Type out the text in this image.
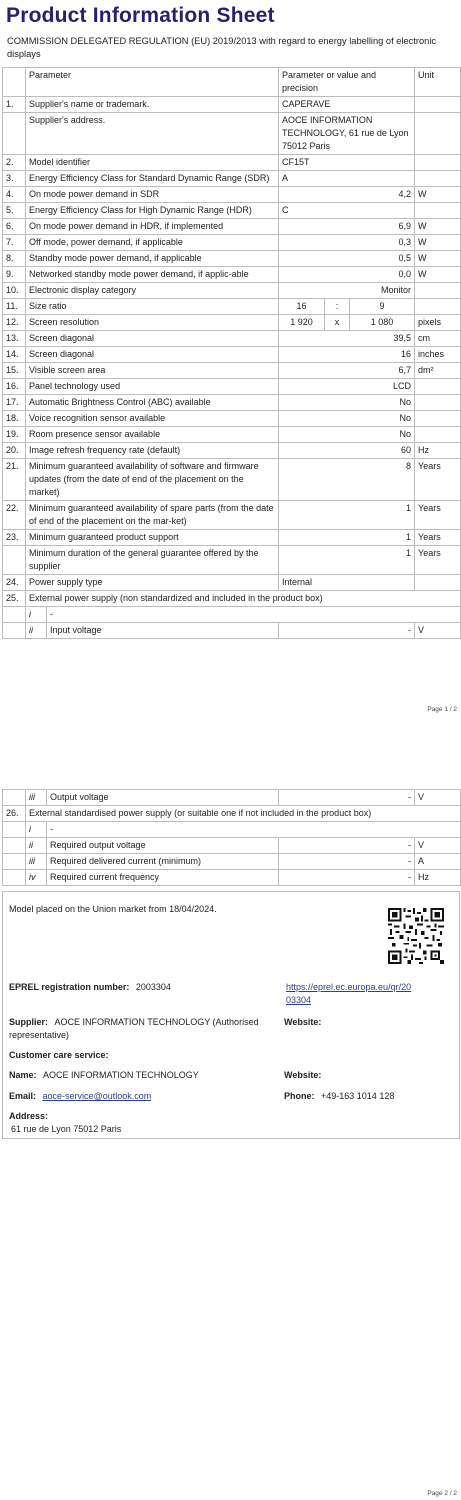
Product Information Sheet
COMMISSION DELEGATED REGULATION (EU) 2019/2013 with regard to energy labelling of electronic displays
	Parameter		Parameter or value and precision			Unit
1.	Supplier's name or trademark.		CAPERAVE			
	Supplier's address.		AOCE INFORMATION TECHNOLOGY, 61 rue de Lyon 75012 Paris			
2.	Model identifier		CF15T			
3.	Energy Efficiency Class for Standard Dynamic Range (SDR)		A			
4.	On mode power demand in SDR		4,2			W
5.	Energy Efficiency Class for High Dynamic Range (HDR)		C			
6.	On mode power demand in HDR, if implemented		6,9			W
7.	Off mode, power demand, if applicable		0,3			W
8.	Standby mode power demand, if applicable		0,5			W
9.	Networked standby mode power demand, if applic-able		0,0			W
10.	Electronic display category		Monitor			
11.	Size ratio		16	:	9	
12.	Screen resolution		1 920	x	1 080	pixels
13.	Screen diagonal		39,5			cm
14.	Screen diagonal		16			inches
15.	Visible screen area		6,7			dm²
16.	Panel technology used		LCD			
17.	Automatic Brightness Control (ABC) available		No			
18.	Voice recognition sensor available		No			
19.	Room presence sensor available		No			
20.	Image refresh frequency rate (default)		60			Hz
21.	Minimum guaranteed availability of software and firmware updates (from the date of end of the placement on the market)		8			Years
22.	Minimum guaranteed availability of spare parts (from the date of end of the placement on the mar-ket)		1			Years
23.	Minimum guaranteed product support		1			Years
	Minimum duration of the general guarantee offered by the supplier		1			Years
24.	Power supply type		Internal			
25.	External power supply (non standardized and included in the product box)					
	i	-				
	ii	Input voltage	-			V
Page 1 / 2
	iii	Output voltage	-	V
26.	External standardised power supply (or suitable one if not included in the product box)			
	i	-		
	ii	Required output voltage	-	V
	iii	Required delivered current (minimum)	-	A
	iv	Required current frequency	-	Hz
Model placed on the Union market from 18/04/2024.
EPREL registration number: 2003304	https://eprel.ec.europa.eu/qr/2003304
Supplier: AOCE INFORMATION TECHNOLOGY (Authorised representative)
Website:
Customer care service:
Name: AOCE INFORMATION TECHNOLOGY	Website:
Email: aoce-service@outlook.com	Phone: +49-163 1014 128
Address:
61 rue de Lyon 75012 Paris
Page 2 / 2
